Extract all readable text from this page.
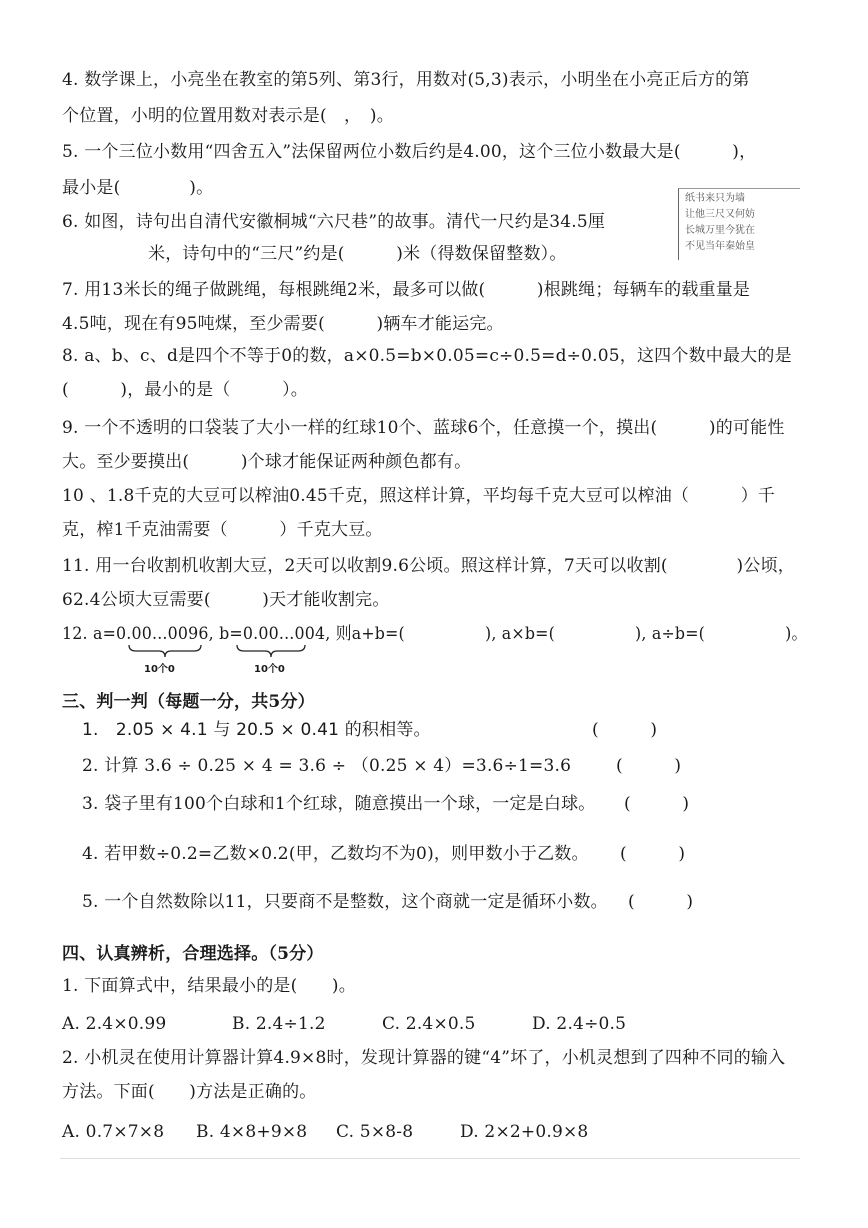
4. 数学课上，小亮坐在教室的第5列、第3行，用数对(5,3)表示，小明坐在小亮正后方的第
个位置，小明的位置用数对表示是(　，　)。
5. 一个三位小数用“四舍五入”法保留两位小数后约是4.00，这个三位小数最大是(　　　)，
最小是(　　　　)。
6. 如图，诗句出自清代安徽桐城“六尺巷”的故事。清代一尺约是34.5厘
米，诗句中的“三尺”约是(　　　)米（得数保留整数）。
纸书来只为墙
让他三尺又何妨
长城万里今犹在
不见当年秦始皇
7. 用13米长的绳子做跳绳，每根跳绳2米，最多可以做(　　　)根跳绳；每辆车的载重量是
4.5吨，现在有95吨煤，至少需要(　　　)辆车才能运完。
8. a、b、c、d是四个不等于0的数，a×0.5=b×0.05=c÷0.5=d÷0.05，这四个数中最大的是
(　　　)，最小的是（　　　）。
9. 一个不透明的口袋装了大小一样的红球10个、蓝球6个，任意摸一个，摸出(　　　)的可能性
大。至少要摸出(　　　)个球才能保证两种颜色都有。
10 、1.8千克的大豆可以榨油0.45千克，照这样计算，平均每千克大豆可以榨油（　　　）千
克，榨1千克油需要（　　　）千克大豆。
11. 用一台收割机收割大豆，2天可以收割9.6公顷。照这样计算，7天可以收割(　　　　)公顷，
62.4公顷大豆需要(　　　)天才能收割完。
12. a=0.00...0096, b=0.00...004, 则a+b=(　　　　　), a×b=(　　　　　), a÷b=(　　　　　)。
10个0	10个0
三、判一判（每题一分，共5分）
1.　2.05 × 4.1 与 20.5 × 0.41 的积相等。	(　　　)
2. 计算 3.6 ÷ 0.25 × 4 = 3.6 ÷ （0.25 × 4）=3.6÷1=3.6	(　　　)
3. 袋子里有100个白球和1个红球，随意摸出一个球，一定是白球。 (　　　)
4. 若甲数÷0.2=乙数×0.2(甲，乙数均不为0)，则甲数小于乙数。 (　　　)
5. 一个自然数除以11，只要商不是整数，这个商就一定是循环小数。 (　　　)
四、认真辨析，合理选择。（5分）
1. 下面算式中，结果最小的是(　　)。
A. 2.4×0.99	B. 2.4÷1.2	C. 2.4×0.5	D. 2.4÷0.5
2. 小机灵在使用计算器计算4.9×8时，发现计算器的键“4”坏了，小机灵想到了四种不同的输入
方法。下面(　　)方法是正确的。
A. 0.7×7×8 B. 4×8+9×8 C. 5×8-8	D. 2×2+0.9×8
